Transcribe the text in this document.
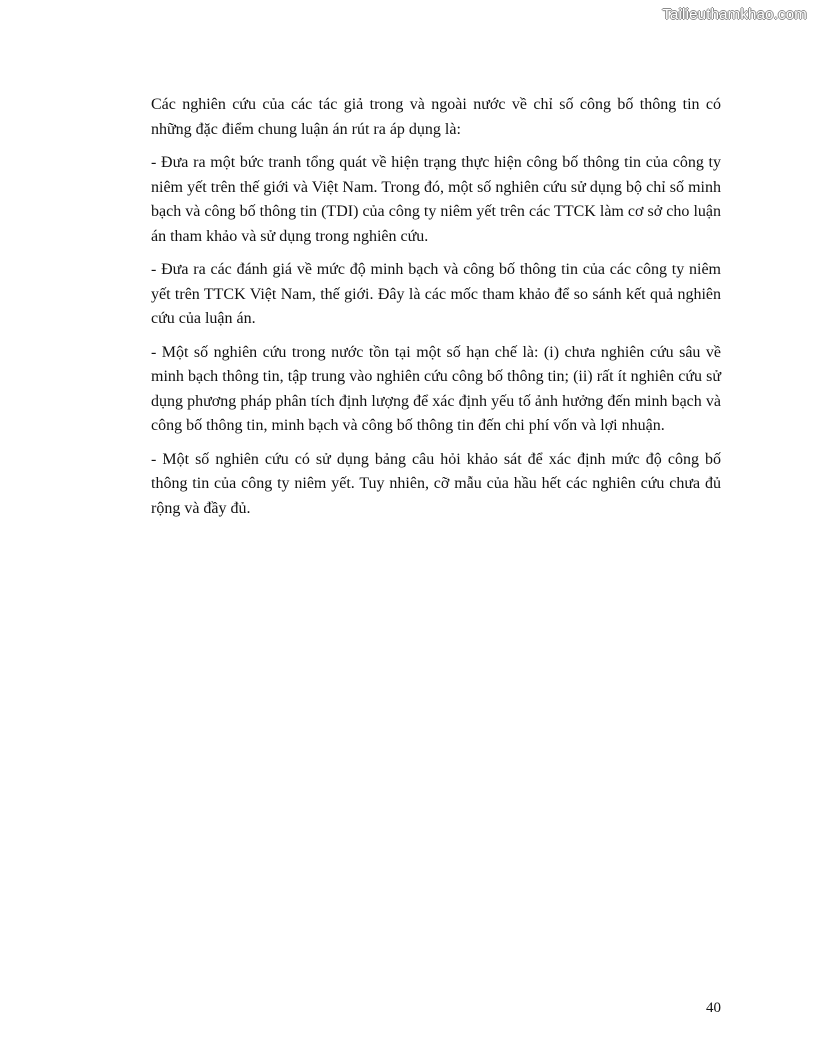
Tailieuthamkhao.com

Các nghiên cứu của các tác giả trong và ngoài nước về chỉ số công bố thông tin có những đặc điểm chung luận án rút ra áp dụng là:

- Đưa ra một bức tranh tổng quát về hiện trạng thực hiện công bố thông tin của công ty niêm yết trên thế giới và Việt Nam. Trong đó, một số nghiên cứu sử dụng bộ chỉ số minh bạch và công bố thông tin (TDI) của công ty niêm yết trên các TTCK làm cơ sở cho luận án tham khảo và sử dụng trong nghiên cứu.

- Đưa ra các đánh giá về mức độ minh bạch và công bố thông tin của các công ty niêm yết trên TTCK Việt Nam, thế giới. Đây là các mốc tham khảo để so sánh kết quả nghiên cứu của luận án.

- Một số nghiên cứu trong nước tồn tại một số hạn chế là: (i) chưa nghiên cứu sâu về minh bạch thông tin, tập trung vào nghiên cứu công bố thông tin; (ii) rất ít nghiên cứu sử dụng phương pháp phân tích định lượng để xác định yếu tố ảnh hưởng đến minh bạch và công bố thông tin, minh bạch và công bố thông tin đến chi phí vốn và lợi nhuận.

- Một số nghiên cứu có sử dụng bảng câu hỏi khảo sát để xác định mức độ công bố thông tin của công ty niêm yết. Tuy nhiên, cỡ mẫu của hầu hết các nghiên cứu chưa đủ rộng và đầy đủ.

40
